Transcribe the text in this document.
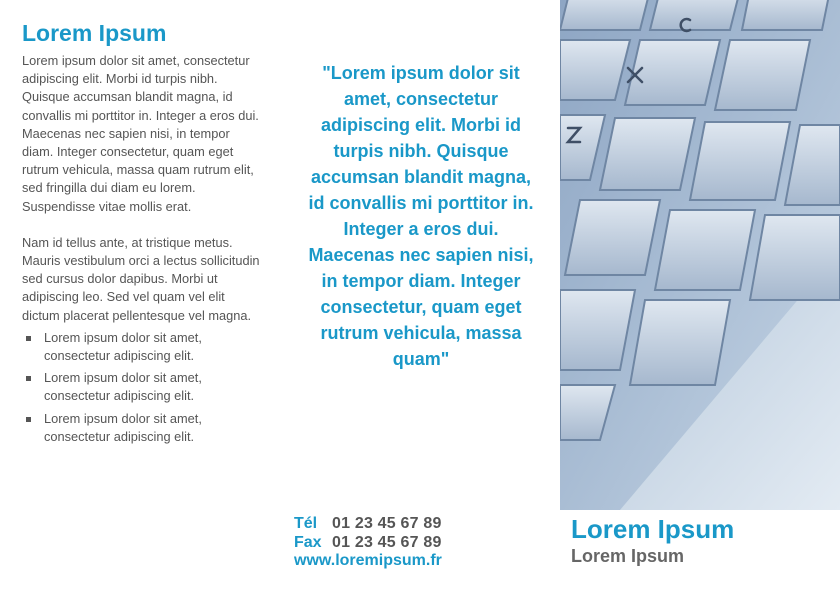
Lorem Ipsum

Lorem ipsum dolor sit amet, consectetur adipiscing elit. Morbi id turpis nibh. Quisque accumsan blandit magna, id convallis mi porttitor in. Integer a eros dui. Maecenas nec sapien nisi, in tempor diam. Integer consectetur, quam eget rutrum vehicula, massa quam rutrum elit, sed fringilla dui diam eu lorem. Suspendisse vitae mollis erat.

Nam id tellus ante, at tristique metus. Mauris vestibulum orci a lectus sollicitudin sed cursus dolor dapibus. Morbi ut adipiscing leo. Sed vel quam vel elit dictum placerat pellentesque vel magna.

Lorem ipsum dolor sit amet, consectetur adipiscing elit.
Lorem ipsum dolor sit amet, consectetur adipiscing elit.
Lorem ipsum dolor sit amet, consectetur adipiscing elit.
"Lorem ipsum dolor sit amet, consectetur adipiscing elit. Morbi id turpis nibh. Quisque accumsan blandit magna, id convallis mi porttitor in. Integer a eros dui. Maecenas nec sapien nisi, in tempor diam. Integer consectetur, quam eget rutrum vehicula, massa quam"
Tél 01 23 45 67 89
Fax 01 23 45 67 89
www.loremipsum.fr
Lorem Ipsum
Lorem Ipsum
